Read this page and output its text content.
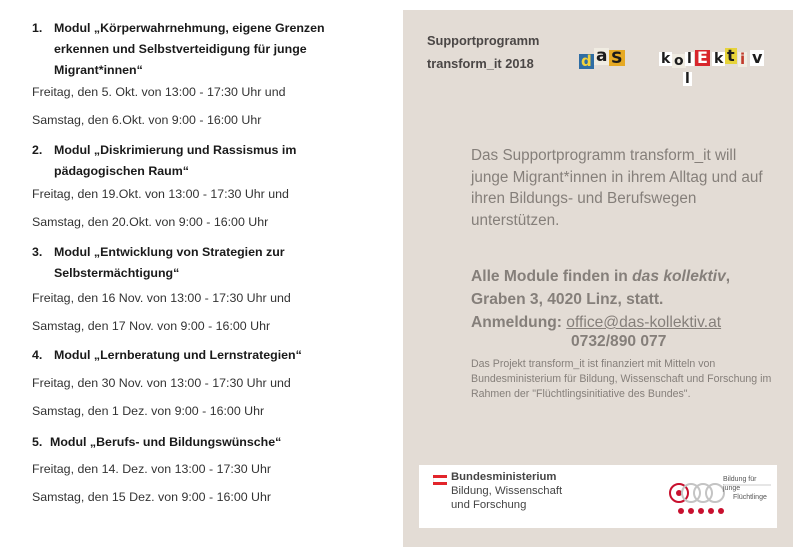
1. Modul „Körperwahrnehmung, eigene Grenzen erkennen und Selbstverteidigung für junge Migrant*innen“
Freitag, den 5. Okt. von 13:00 - 17:30 Uhr und
Samstag, den 6.Okt. von 9:00 - 16:00 Uhr
2. Modul „Diskrimierung und Rassismus im pädagogischen Raum“
Freitag, den 19.Okt. von 13:00 - 17:30 Uhr und
Samstag, den 20.Okt. von 9:00 - 16:00 Uhr
3. Modul „Entwicklung von Strategien zur Selbstermächtigung“
Freitag, den 16 Nov. von 13:00 - 17:30 Uhr und
Samstag, den 17 Nov. von 9:00 - 16:00 Uhr
4. Modul „Lernberatung und Lernstrategien“
Freitag, den 30 Nov. von 13:00 - 17:30 Uhr und
Samstag, den 1 Dez. von 9:00 - 16:00 Uhr
5. Modul „Berufs- und Bildungswünsche“
Freitag, den 14. Dez. von 13:00 - 17:30 Uhr
Samstag, den 15 Dez. von 9:00 - 16:00 Uhr
Supportprogramm
transform_it 2018	d a S	k o l
l
E k t i v
Das Supportprogramm transform_it will junge Migrant*innen in ihrem Alltag und auf ihren Bildungs- und Berufswegen unterstützen.
Alle Module finden in das kollektiv,
Graben 3, 4020 Linz, statt.
Anmeldung: office@das-kollektiv.at
0732/890 077
Das Projekt transform_it ist finanziert mit Mitteln von Bundesministerium für Bildung, Wissenschaft und Forschung im Rahmen der "Flüchtlingsinitiative des Bundes".
Bundesministerium
Bildung, Wissenschaft
und Forschung
Bildung für junge
Flüchtlinge
